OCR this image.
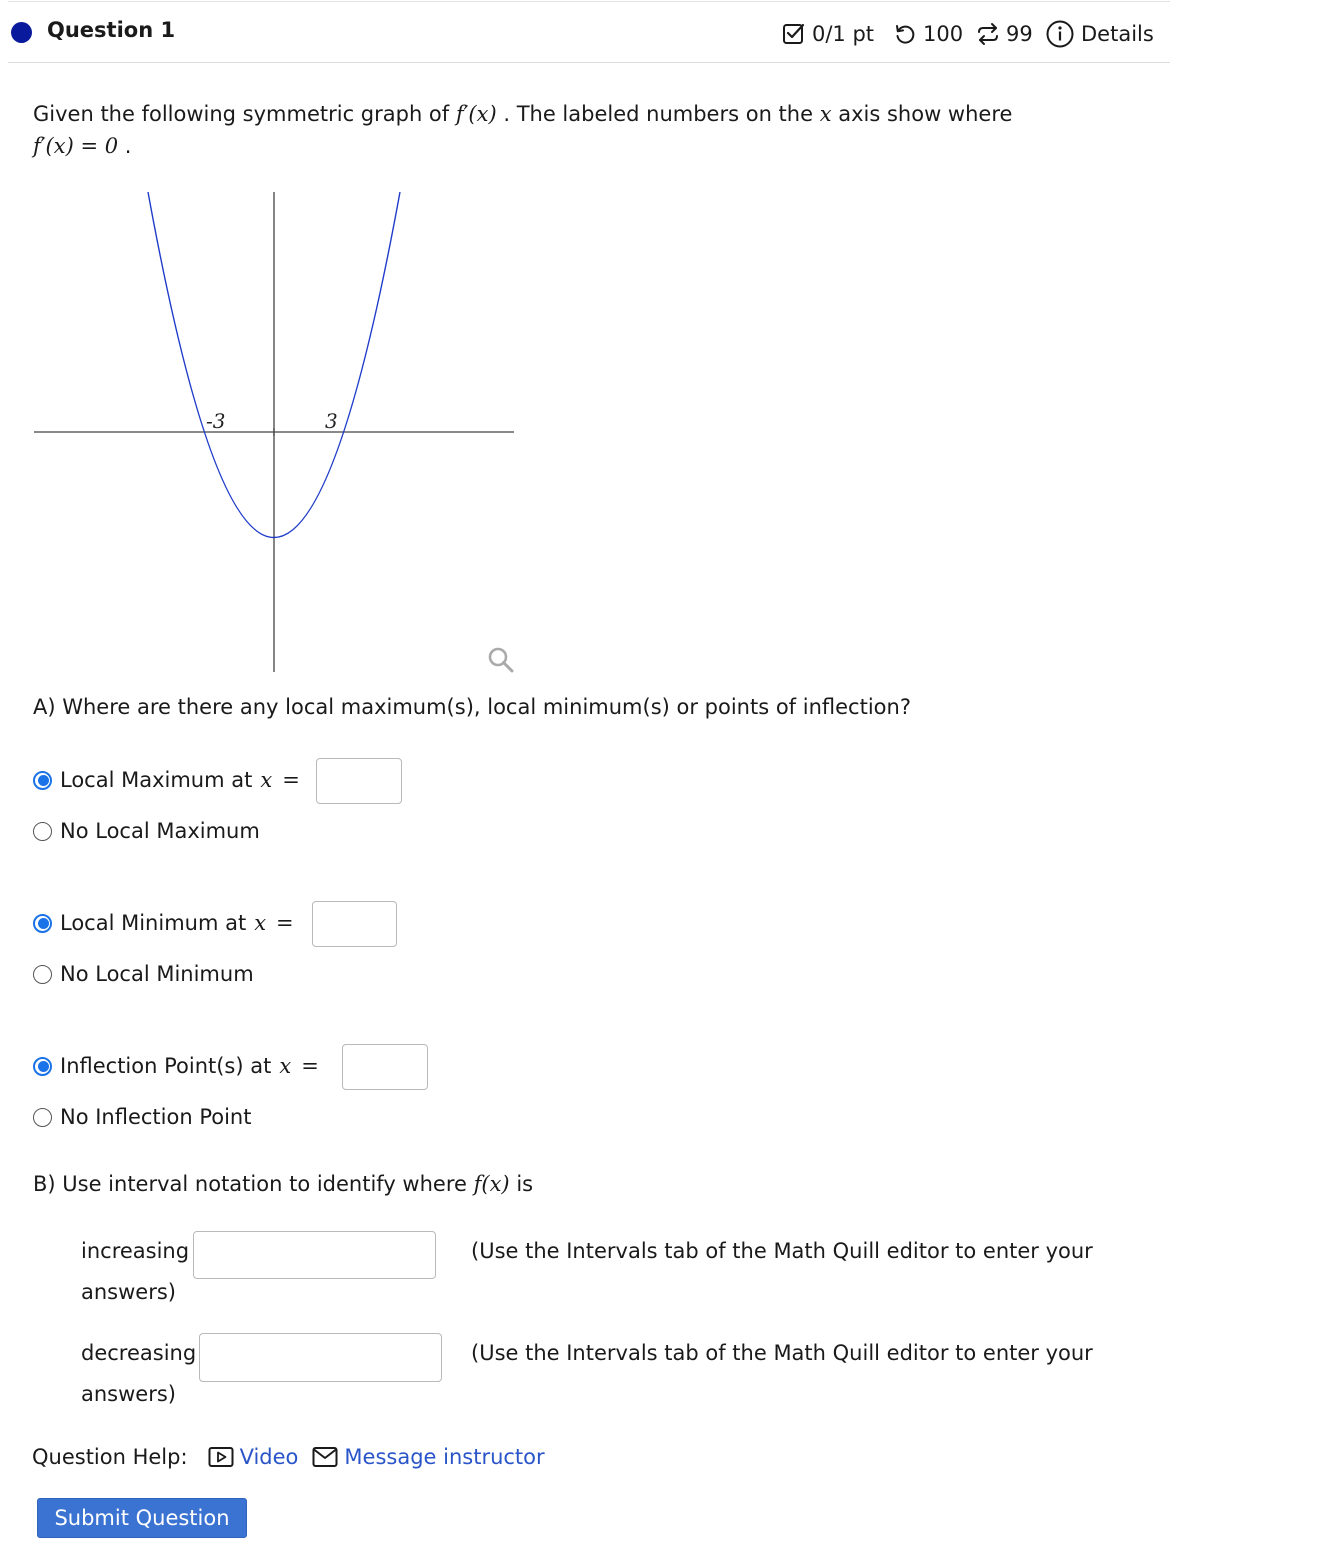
Question 1	0/1 pt 100 99 Details
Given the following symmetric graph of f′(x) . The labeled numbers on the x axis show where
f′(x) = 0 .
-3	3
A) Where are there any local maximum(s), local minimum(s) or points of inflection?
Local Maximum at x =
No Local Maximum
Local Minimum at x =
No Local Minimum
Inflection Point(s) at x =
No Inflection Point
B) Use interval notation to identify where f(x) is
increasing	(Use the Intervals tab of the Math Quill editor to enter your
answers)
decreasing	(Use the Intervals tab of the Math Quill editor to enter your
answers)
Question Help: Video Message instructor
Submit Question
